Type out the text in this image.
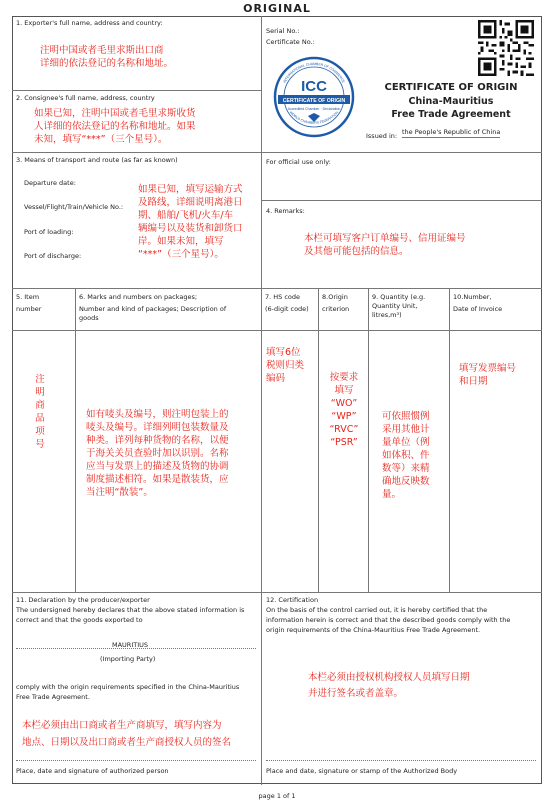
ORIGINAL
1. Exporter's full name, address and country:
注明中国或者毛里求斯出口商
详细的依法登记的名称和地址。
2. Consignee's full name, address, country
如果已知，注明中国或者毛里求斯收货
人详细的依法登记的名称和地址。如果
未知，填写“***”（三个星号）。
3. Means of transport and route (as far as known)
Departure date:
Vessel/Flight/Train/Vehicle No.:
Port of loading:
Port of discharge:
如果已知，填写运输方式
及路线，详细说明离港日
期、船舶/飞机/火车/车
辆编号以及装货和卸货口
岸。如果未知，填写
“***”（三个星号）。
Serial No.:
Certificate No.:
ICC
CERTIFICATE OF ORIGIN
Accredited Chamber · Declaration
INTERNATIONAL CHAMBER OF COMMERCE
WORLD CHAMBERS FEDERATION
CERTIFICATE OF ORIGIN
China-Mauritius
Free Trade Agreement
Issued in: the People's Republic of China
For official use only:
4. Remarks:
本栏可填写客户订单编号、信用证编号
及其他可能包括的信息。
5. Item
number
6. Marks and numbers on packages;
Number and kind of packages; Description of
goods
7. HS code
(6-digit code)
8.Origin
criterion
9. Quantity (e.g.
Quantity Unit,
litres,m³)
10.Number,
Date of Invoice
注
明
商
品
项
号
如有唛头及编号，则注明包装上的
唛头及编号。详细列明包装数量及
种类。详列每种货物的名称，以便
于海关关员查验时加以识别。名称
应当与发票上的描述及货物的协调
制度描述相符。如果是散装货，应
当注明“散装”。
填写6位
税则归类
编码	按要求
填写
“WO”
“WP”
“RVC”
“PSR”
可依照惯例
采用其他计
量单位（例
如体积、件
数等）来精
确地反映数
量。
填写发票编号
和日期
11. Declaration by the producer/exporter
The undersigned hereby declares that the above stated information is
correct and that the goods exported to
MAURITIUS
(Importing Party)
comply with the origin requirements specified in the China-Mauritius
Free Trade Agreement.
本栏必须由出口商或者生产商填写，填写内容为
地点、日期以及出口商或者生产商授权人员的签名
Place, date and signature of authorized person
12. Certification
On the basis of the control carried out, it is hereby certified that the
information herein is correct and that the described goods comply with the
origin requirements of the China-Mauritius Free Trade Agreement.
本栏必须由授权机构授权人员填写日期
并进行签名或者盖章。
Place and date, signature or stamp of the Authorized Body
page 1 of 1
